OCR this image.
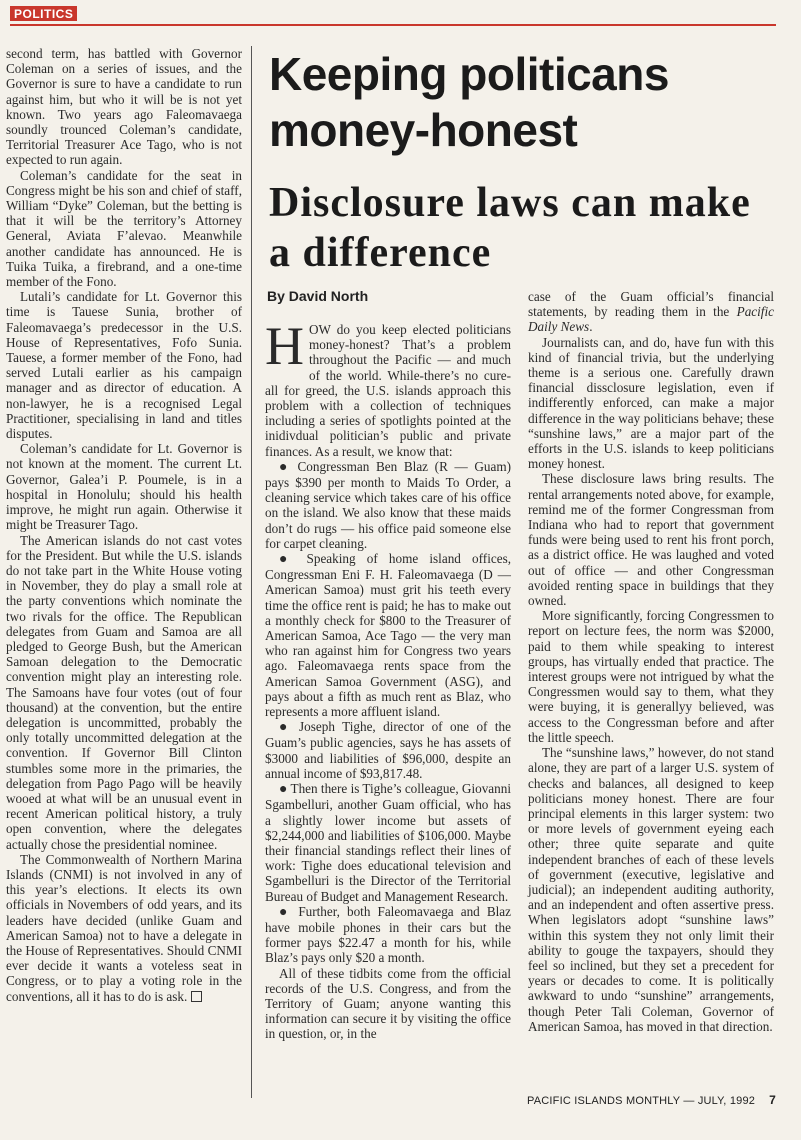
POLITICS

second term, has battled with Governor Coleman on a series of issues, and the Governor is sure to have a candidate to run against him, but who it will be is not yet known. Two years ago Faleomavaega soundly trounced Coleman’s candidate, Territorial Treasurer Ace Tago, who is not expected to run again.

Coleman’s candidate for the seat in Congress might be his son and chief of staff, William “Dyke” Coleman, but the betting is that it will be the territory’s Attorney General, Aviata F’alevao. Meanwhile another candidate has announced. He is Tuika Tuika, a firebrand, and a one-time member of the Fono.

Lutali’s candidate for Lt. Governor this time is Tauese Sunia, brother of Faleomavaega’s predecessor in the U.S. House of Representatives, Fofo Sunia. Tauese, a former member of the Fono, had served Lutali earlier as his campaign manager and as director of education. A non-lawyer, he is a recognised Legal Practitioner, specialising in land and titles disputes.

Coleman’s candidate for Lt. Governor is not known at the moment. The current Lt. Governor, Galea’i P. Poumele, is in a hospital in Honolulu; should his health improve, he might run again. Otherwise it might be Treasurer Tago.

The American islands do not cast votes for the President. But while the U.S. islands do not take part in the White House voting in November, they do play a small role at the party conventions which nominate the two rivals for the office. The Republican delegates from Guam and Samoa are all pledged to George Bush, but the American Samoan delegation to the Democratic convention might play an interesting role. The Samoans have four votes (out of four thousand) at the convention, but the entire delegation is uncommitted, probably the only totally uncommitted delegation at the convention. If Governor Bill Clinton stumbles some more in the primaries, the delegation from Pago Pago will be heavily wooed at what will be an unusual event in recent American political history, a truly open convention, where the delegates actually chose the presidential nominee.

The Commonwealth of Northern Marina Islands (CNMI) is not involved in any of this year’s elections. It elects its own officials in Novembers of odd years, and its leaders have decided (unlike Guam and American Samoa) not to have a delegate in the House of Representatives. Should CNMI ever decide it wants a voteless seat in Congress, or to play a voting role in the conventions, all it has to do is ask.

Keeping politicans money-honest
Disclosure laws can make a difference
By David North

HOW do you keep elected politicians money-honest? That’s a problem throughout the Pacific — and much of the world. While-there’s no cure-all for greed, the U.S. islands approach this problem with a collection of techniques including a series of spotlights pointed at the inidivdual politician’s public and private finances. As a result, we know that:

● Congressman Ben Blaz (R — Guam) pays $390 per month to Maids To Order, a cleaning service which takes care of his office on the island. We also know that these maids don’t do rugs — his office paid someone else for carpet cleaning.

● Speaking of home island offices, Congressman Eni F. H. Faleomavaega (D — American Samoa) must grit his teeth every time the office rent is paid; he has to make out a monthly check for $800 to the Treasurer of American Samoa, Ace Tago — the very man who ran against him for Congress two years ago. Faleomavaega rents space from the American Samoa Government (ASG), and pays about a fifth as much rent as Blaz, who represents a more affluent island.

● Joseph Tighe, director of one of the Guam’s public agencies, says he has assets of $3000 and liabilities of $96,000, despite an annual income of $93,817.48.

● Then there is Tighe’s colleague, Giovanni Sgambelluri, another Guam official, who has a slightly lower income but assets of $2,244,000 and liabilities of $106,000. Maybe their financial standings reflect their lines of work: Tighe does educational television and Sgambelluri is the Director of the Territorial Bureau of Budget and Management Research.

● Further, both Faleomavaega and Blaz have mobile phones in their cars but the former pays $22.47 a month for his, while Blaz’s pays only $20 a month.

All of these tidbits come from the official records of the U.S. Congress, and from the Territory of Guam; anyone wanting this information can secure it by visiting the office in question, or, in the

case of the Guam official’s financial statements, by reading them in the Pacific Daily News.

Journalists can, and do, have fun with this kind of financial trivia, but the underlying theme is a serious one. Carefully drawn financial dissclosure legislation, even if indifferently enforced, can make a major difference in the way politicians behave; these “sunshine laws,” are a major part of the efforts in the U.S. islands to keep politicians money honest.

These disclosure laws bring results. The rental arrangements noted above, for example, remind me of the former Congressman from Indiana who had to report that government funds were being used to rent his front porch, as a district office. He was laughed and voted out of office — and other Congressman avoided renting space in buildings that they owned.

More significantly, forcing Congressmen to report on lecture fees, the norm was $2000, paid to them while speaking to interest groups, has virtually ended that practice. The interest groups were not intrigued by what the Congressmen would say to them, what they were buying, it is generallyy believed, was access to the Congressman before and after the little speech.

The “sunshine laws,” however, do not stand alone, they are part of a larger U.S. system of checks and balances, all designed to keep politicians money honest. There are four principal elements in this larger system: two or more levels of government eyeing each other; three quite separate and quite independent branches of each of these levels of government (executive, legislative and judicial); an independent auditing authority, and an independent and often assertive press. When legislators adopt “sunshine laws” within this system they not only limit their ability to gouge the taxpayers, should they feel so inclined, but they set a precedent for years or decades to come. It is politically awkward to undo “sunshine” arrangements, though Peter Tali Coleman, Governor of American Samoa, has moved in that direction.

PACIFIC ISLANDS MONTHLY — JULY, 1992 7
